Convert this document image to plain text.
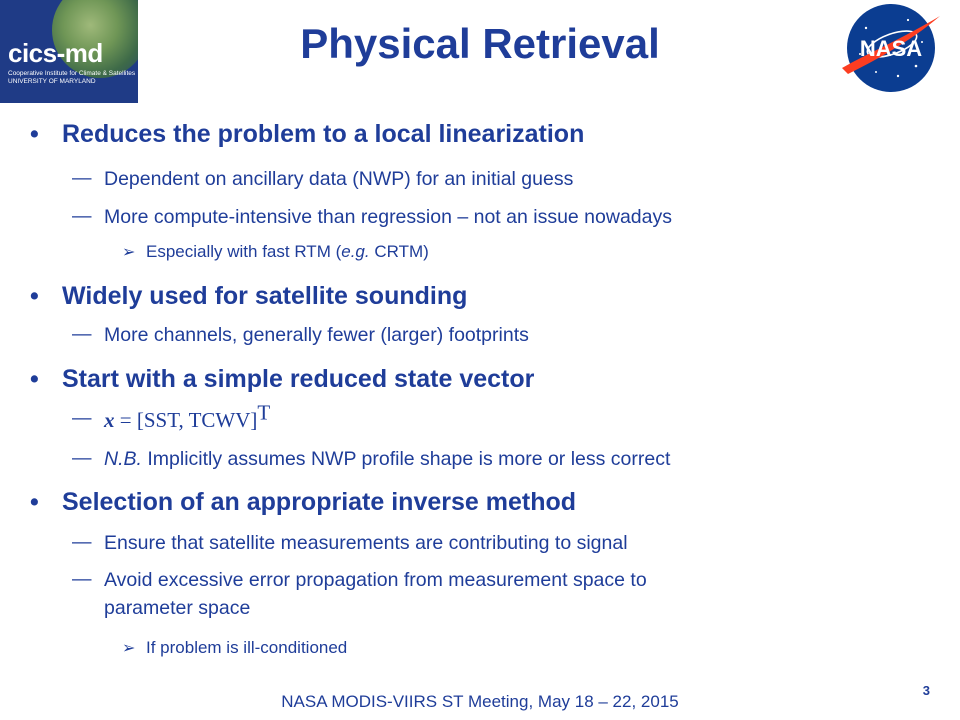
cics-md
Cooperative Institute for Climate & Satellites
UNIVERSITY OF MARYLAND
NASA
Physical Retrieval
• Reduces the problem to a local linearization
— Dependent on ancillary data (NWP) for an initial guess
— More compute-intensive than regression – not an issue nowadays
➢ Especially with fast RTM (e.g. CRTM)
• Widely used for satellite sounding
— More channels, generally fewer (larger) footprints
• Start with a simple reduced state vector
— x = [SST, TCWV]$^T$
— N.B. Implicitly assumes NWP profile shape is more or less correct
• Selection of an appropriate inverse method
— Ensure that satellite measurements are contributing to signal
— Avoid excessive error propagation from measurement space to
parameter space
➢ If problem is ill-conditioned
NASA MODIS-VIIRS ST Meeting, May 18 – 22, 2015
3
